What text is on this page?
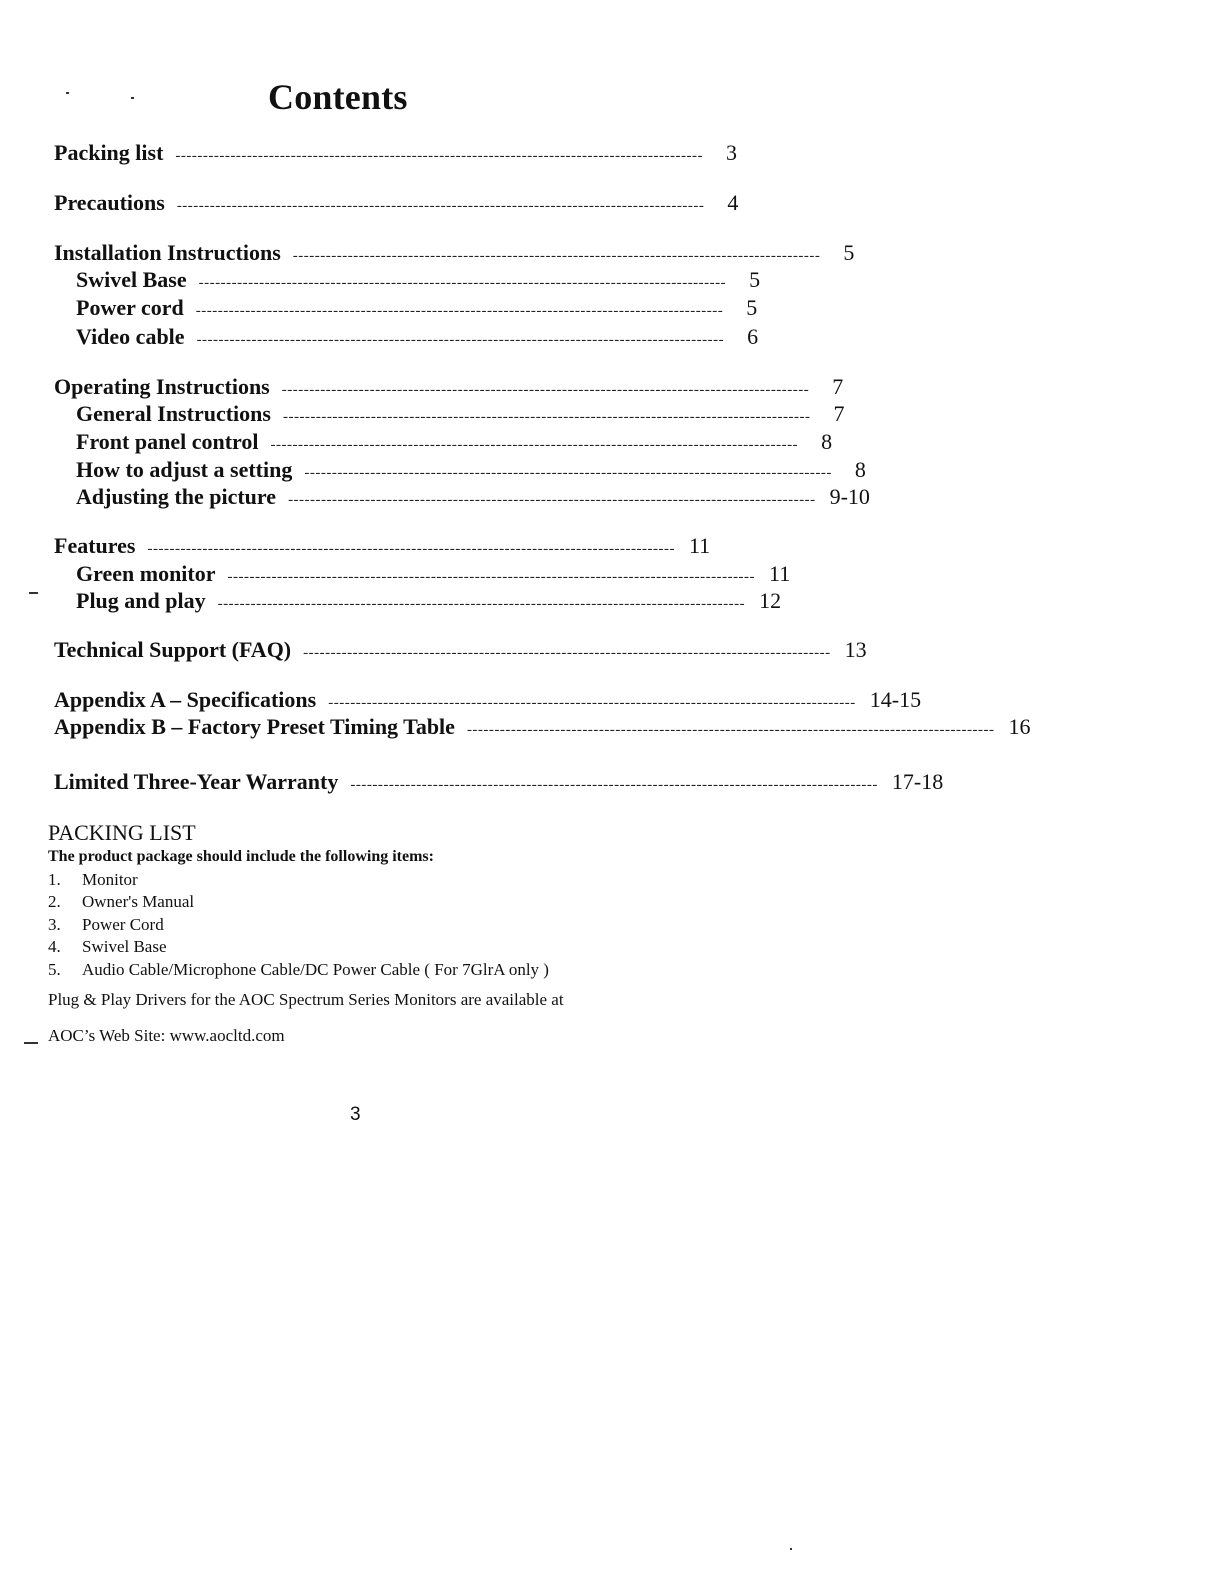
Contents
Packing list ------------------------------------------------------------------------------------------------	3
Precautions ------------------------------------------------------------------------------------------------	4
Installation Instructions ------------------------------------------------------------------------------------------------	5
Swivel Base ------------------------------------------------------------------------------------------------	5
Power cord ------------------------------------------------------------------------------------------------	5
Video cable ------------------------------------------------------------------------------------------------	6
Operating Instructions ------------------------------------------------------------------------------------------------	7
General Instructions ------------------------------------------------------------------------------------------------	7
Front panel control ------------------------------------------------------------------------------------------------	8
How to adjust a setting ------------------------------------------------------------------------------------------------	8
Adjusting the picture ------------------------------------------------------------------------------------------------ 9-10
Features ------------------------------------------------------------------------------------------------ 11
Green monitor ------------------------------------------------------------------------------------------------ 11
Plug and play ------------------------------------------------------------------------------------------------ 12
Technical Support (FAQ) ------------------------------------------------------------------------------------------------ 13
Appendix A – Specifications ------------------------------------------------------------------------------------------------ 14-15
Appendix B – Factory Preset Timing Table ------------------------------------------------------------------------------------------------ 16
Limited Three-Year Warranty ------------------------------------------------------------------------------------------------ 17-18
PACKING LIST
The product package should include the following items:
1. Monitor
2. Owner's Manual
3. Power Cord
4. Swivel Base
5. Audio Cable/Microphone Cable/DC Power Cable ( For 7GlrA only )
Plug & Play Drivers for the AOC Spectrum Series Monitors are available at
AOC’s Web Site: www.aocltd.com
3
